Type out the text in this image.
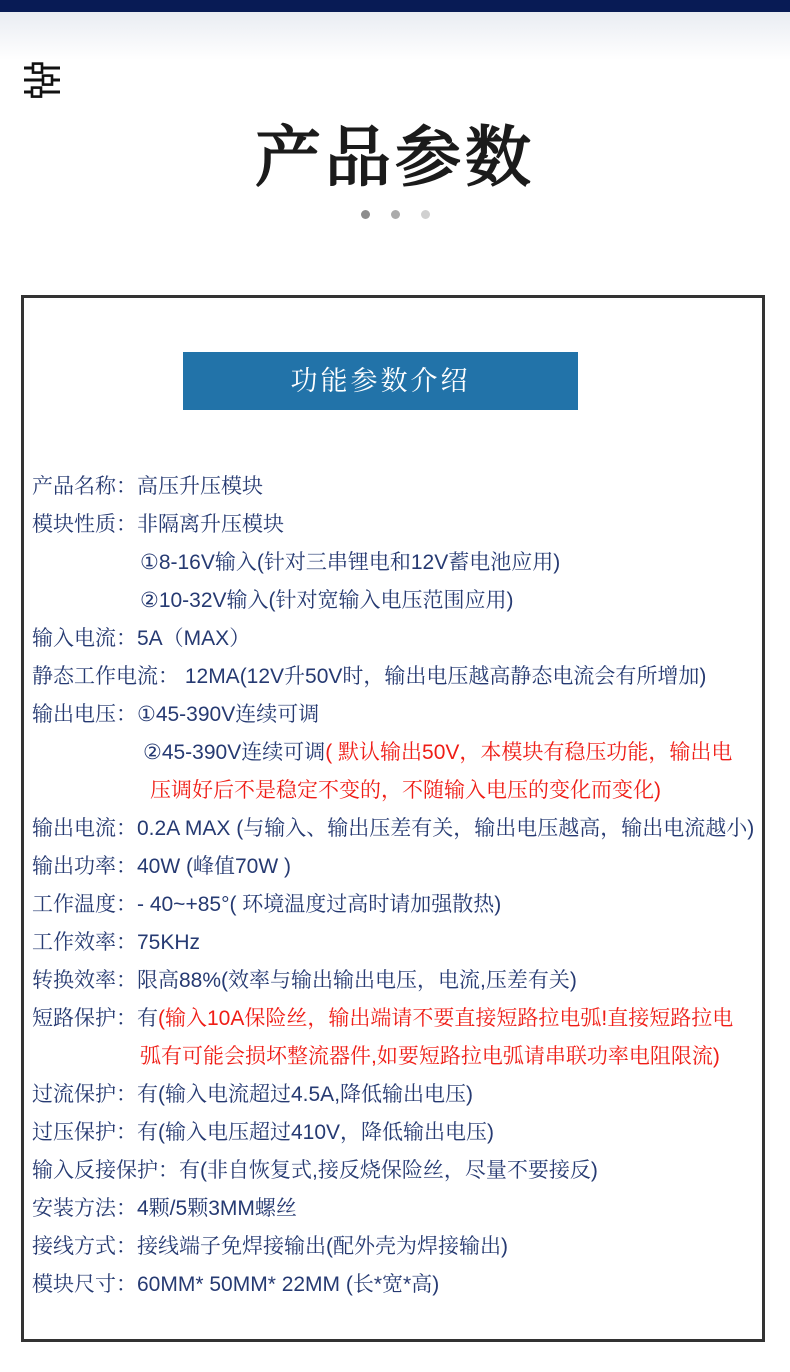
产品参数
功能参数介绍
产品名称：高压升压模块
模块性质：非隔离升压模块
①8-16V输入(针对三串锂电和12V蓄电池应用)
②10-32V输入(针对宽输入电压范围应用)
输入电流：5A（MAX）
静态工作电流： 12MA(12V升50V时，输出电压越高静态电流会有所增加)
输出电压：①45-390V连续可调
②45-390V连续可调( 默认输出50V，本模块有稳压功能，输出电
压调好后不是稳定不变的，不随输入电压的变化而变化)
输出电流：0.2A MAX (与输入、输出压差有关，输出电压越高，输出电流越小)
输出功率：40W (峰值70W )
工作温度：- 40~+85°( 环境温度过高时请加强散热)
工作效率：75KHz
转换效率：限高88%(效率与输出输出电压，电流,压差有关)
短路保护：有(输入10A保险丝，输出端请不要直接短路拉电弧!直接短路拉电
弧有可能会损坏整流器件,如要短路拉电弧请串联功率电阻限流)
过流保护：有(输入电流超过4.5A,降低输出电压)
过压保护：有(输入电压超过410V，降低输出电压)
输入反接保护：有(非自恢复式,接反烧保险丝，尽量不要接反)
安装方法：4颗/5颗3MM螺丝
接线方式：接线端子免焊接输出(配外壳为焊接输出)
模块尺寸：60MM* 50MM* 22MM (长*宽*高)
